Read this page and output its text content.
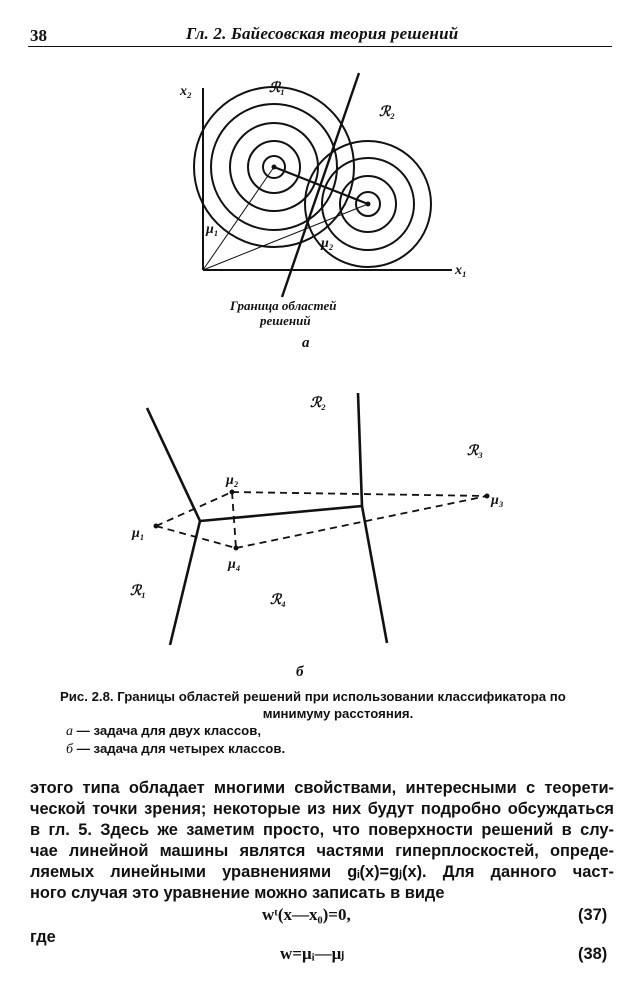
38	Гл. 2. Байесовская теория решений
x₂
x₁
ℛ₁
ℛ₂
μ₁
μ₂
Граница областей
решений
а
μ₁
μ₂
μ₃
μ₄
ℛ₁
ℛ₂
ℛ₃
ℛ₄
б
Рис. 2.8. Границы областей решений при использовании классификатора по
минимуму расстояния.
а — задача для двух классов,
б — задача для четырех классов.
этого типа обладает многими свойствами, интересными с теорети-
ческой точки зрения; некоторые из них будут подробно обсуждаться
в гл. 5. Здесь же заметим просто, что поверхности решений в слу-
чае линейной машины являтся частями гиперплоскостей, опреде-
ляемых линейными уравнениями gᵢ(x)=gⱼ(x). Для данного част-
ного случая это уравнение можно записать в виде
wᵗ(x—x₀)=0,	(37)
где
w=μᵢ—μⱼ	(38)
